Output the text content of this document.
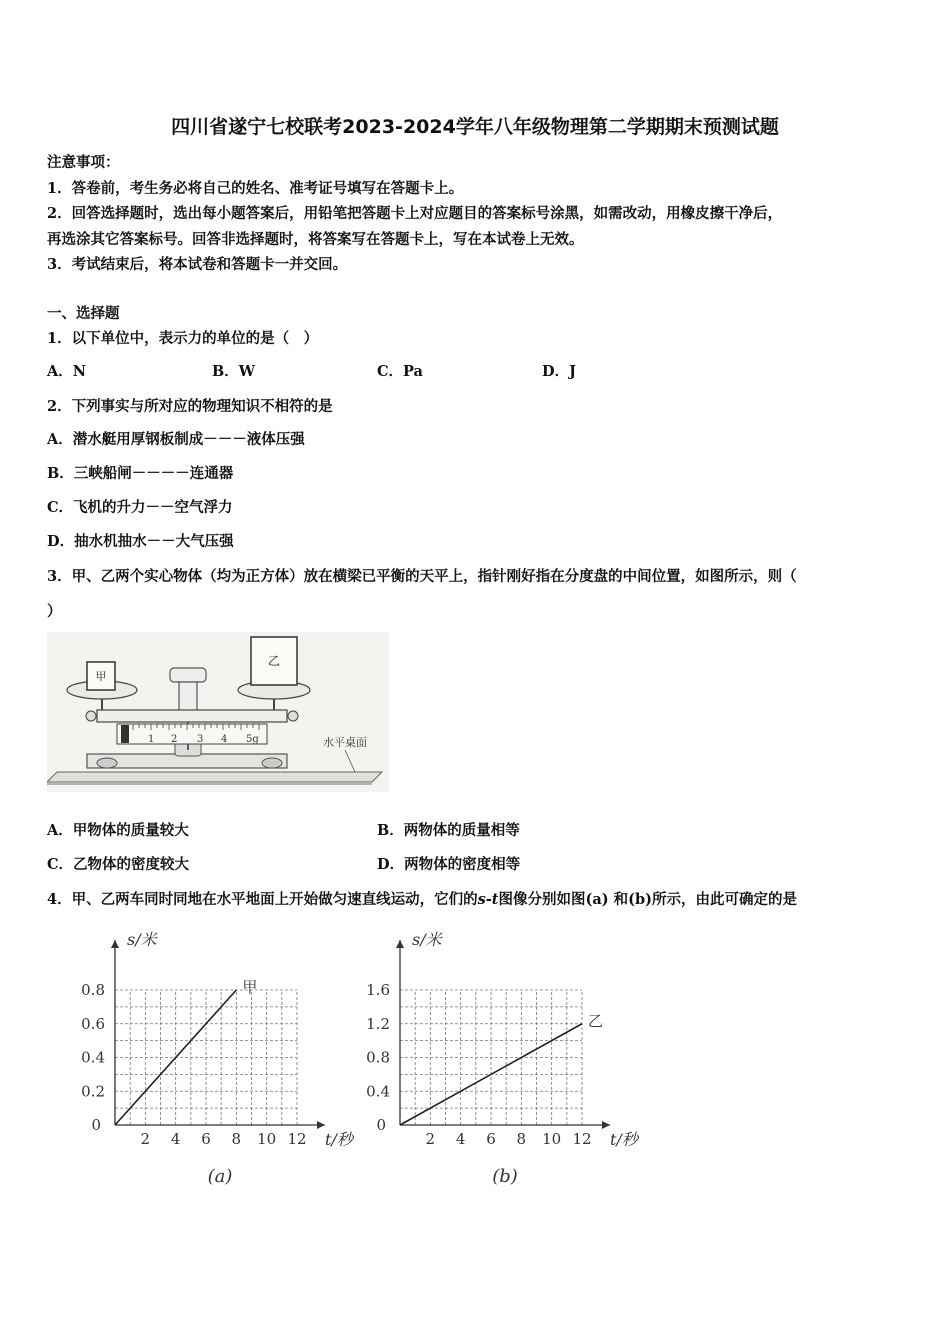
四川省遂宁七校联考2023-2024学年八年级物理第二学期期末预测试题
注意事项：
1．答卷前，考生务必将自己的姓名、准考证号填写在答题卡上。
2．回答选择题时，选出每小题答案后，用铅笔把答题卡上对应题目的答案标号涂黑，如需改动，用橡皮擦干净后，
再选涂其它答案标号。回答非选择题时，将答案写在答题卡上，写在本试卷上无效。
3．考试结束后，将本试卷和答题卡一并交回。
一、选择题
1．以下单位中，表示力的单位的是（　）
A．N	B．W	C．Pa	D．J
2．下列事实与所对应的物理知识不相符的是
A．潜水艇用厚钢板制成－－－液体压强
B．三峡船闸－－－－连通器
C．飞机的升力－－空气浮力
D．抽水机抽水－－大气压强
3．甲、乙两个实心物体（均为正方体）放在横梁已平衡的天平上，指针刚好指在分度盘的中间位置，如图所示，则（
）
1 2 3 4 5g
甲
乙
水平桌面
A．甲物体的质量较大	B．两物体的质量相等
C．乙物体的密度较大	D．两物体的密度相等
4．甲、乙两车同时同地在水平地面上开始做匀速直线运动，它们的s-t图像分别如图(a) 和(b)所示，由此可确定的是
2 4 6 8 10 12
0.2
0.4
0.6
0.8
0
s/米
t/秒
甲
(a)
2 4 6 8 10 12
0.4
0.8
1.2
1.6
0
s/米
t/秒
乙
(b)
